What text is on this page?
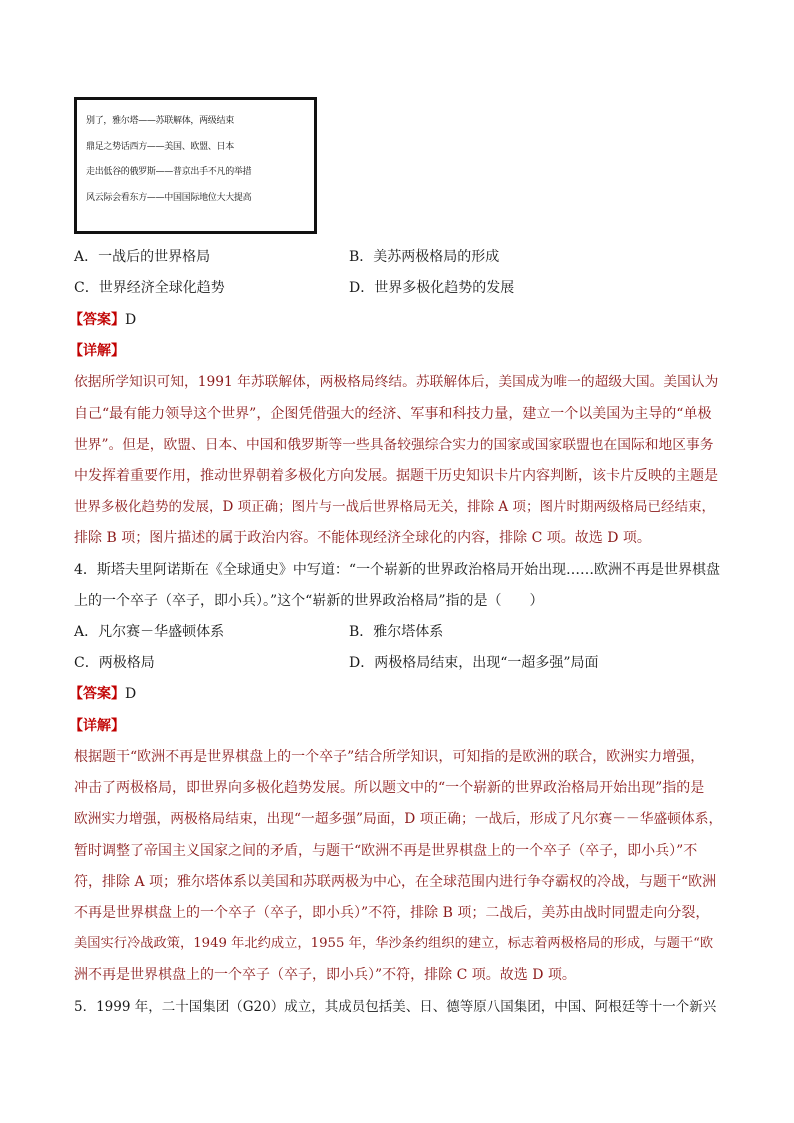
别了，雅尔塔——苏联解体，两级结束
鼎足之势话西方——美国、欧盟、日本
走出低谷的俄罗斯——普京出手不凡的举措
风云际会看东方——中国国际地位大大提高
A．一战后的世界格局	B．美苏两极格局的形成
C．世界经济全球化趋势	D．世界多极化趋势的发展
【答案】D
【详解】
依据所学知识可知，1991 年苏联解体，两极格局终结。苏联解体后，美国成为唯一的超级大国。美国认为
自己“最有能力领导这个世界”，企图凭借强大的经济、军事和科技力量，建立一个以美国为主导的“单极
世界”。但是，欧盟、日本、中国和俄罗斯等一些具备较强综合实力的国家或国家联盟也在国际和地区事务
中发挥着重要作用，推动世界朝着多极化方向发展。据题干历史知识卡片内容判断，该卡片反映的主题是
世界多极化趋势的发展，D 项正确；图片与一战后世界格局无关，排除 A 项；图片时期两级格局已经结束，
排除 B 项；图片描述的属于政治内容。不能体现经济全球化的内容，排除 C 项。故选 D 项。
4．斯塔夫里阿诺斯在《全球通史》中写道：“一个崭新的世界政治格局开始出现……欧洲不再是世界棋盘
上的一个卒子（卒子，即小兵）。”这个“崭新的世界政治格局”指的是（　　）
A．凡尔赛－华盛顿体系	B．雅尔塔体系
C．两极格局	D．两极格局结束，出现“一超多强”局面
【答案】D
【详解】
根据题干“欧洲不再是世界棋盘上的一个卒子”结合所学知识，可知指的是欧洲的联合，欧洲实力增强，
冲击了两极格局，即世界向多极化趋势发展。所以题文中的“一个崭新的世界政治格局开始出现”指的是
欧洲实力增强，两极格局结束，出现“一超多强”局面，D 项正确；一战后，形成了凡尔赛－－华盛顿体系，
暂时调整了帝国主义国家之间的矛盾，与题干“欧洲不再是世界棋盘上的一个卒子（卒子，即小兵）”不
符，排除 A 项；雅尔塔体系以美国和苏联两极为中心，在全球范围内进行争夺霸权的冷战，与题干“欧洲
不再是世界棋盘上的一个卒子（卒子，即小兵）”不符，排除 B 项；二战后，美苏由战时同盟走向分裂，
美国实行冷战政策，1949 年北约成立，1955 年，华沙条约组织的建立，标志着两极格局的形成，与题干“欧
洲不再是世界棋盘上的一个卒子（卒子，即小兵）”不符，排除 C 项。故选 D 项。
5．1999 年，二十国集团（G20）成立，其成员包括美、日、德等原八国集团，中国、阿根廷等十一个新兴
